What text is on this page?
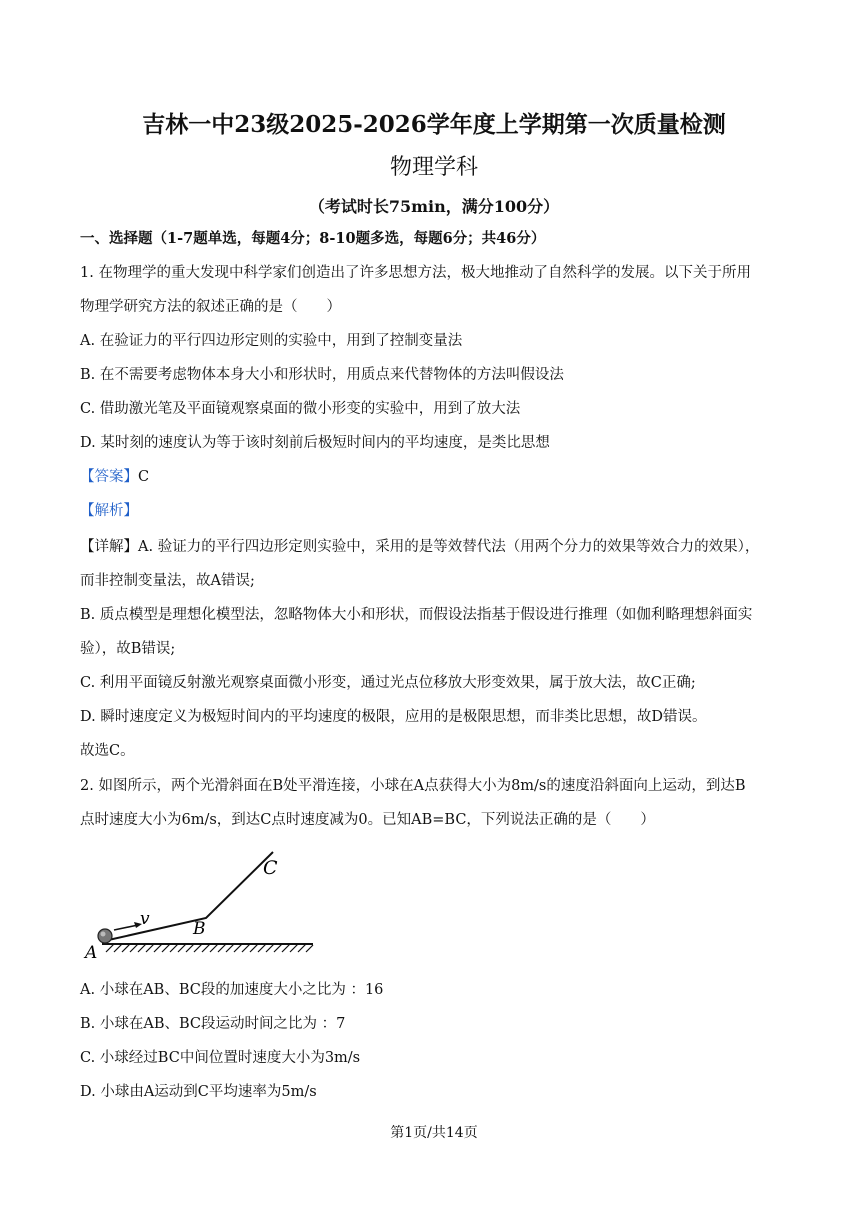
吉林一中23级2025-2026学年度上学期第一次质量检测
物理学科
（考试时长75min，满分100分）
一、选择题（1-7题单选，每题4分；8-10题多选，每题6分；共46分）
1. 在物理学的重大发现中科学家们创造出了许多思想方法，极大地推动了自然科学的发展。以下关于所用
物理学研究方法的叙述正确的是（　　）
A. 在验证力的平行四边形定则的实验中，用到了控制变量法
B. 在不需要考虑物体本身大小和形状时，用质点来代替物体的方法叫假设法
C. 借助激光笔及平面镜观察桌面的微小形变的实验中，用到了放大法
D. 某时刻的速度认为等于该时刻前后极短时间内的平均速度，是类比思想
【答案】C
【解析】
【详解】A. 验证力的平行四边形定则实验中，采用的是等效替代法（用两个分力的效果等效合力的效果），
而非控制变量法，故A错误;
B. 质点模型是理想化模型法，忽略物体大小和形状，而假设法指基于假设进行推理（如伽利略理想斜面实
验），故B错误;
C. 利用平面镜反射激光观察桌面微小形变，通过光点位移放大形变效果，属于放大法，故C正确;
D. 瞬时速度定义为极短时间内的平均速度的极限，应用的是极限思想，而非类比思想，故D错误。
故选C。
2. 如图所示，两个光滑斜面在B处平滑连接，小球在A点获得大小为8m/s的速度沿斜面向上运动，到达B
点时速度大小为6m/s，到达C点时速度减为0。已知AB=BC，下列说法正确的是（　　）
A
B
C
v
A. 小球在AB、BC段的加速度大小之比为 ：16
B. 小球在AB、BC段运动时间之比为 ：7
C. 小球经过BC中间位置时速度大小为3m/s
D. 小球由A运动到C平均速率为5m/s
第1页/共14页
